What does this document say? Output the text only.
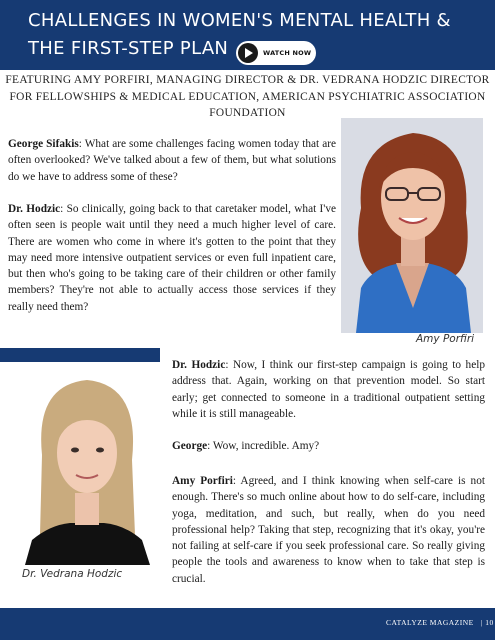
CHALLENGES IN WOMEN'S MENTAL HEALTH &
THE FIRST-STEP PLAN	WATCH NOW
FEATURING AMY PORFIRI, MANAGING DIRECTOR & DR. VEDRANA HODZIC DIRECTOR FOR FELLOWSHIPS & MEDICAL EDUCATION, AMERICAN PSYCHIATRIC ASSOCIATION FOUNDATION
Amy Porfiri
Dr. Vedrana Hodzic

George Sifakis: What are some challenges facing women today that are often overlooked? We've talked about a few of them, but what solutions do we have to address some of these?

Dr. Hodzic: So clinically, going back to that caretaker model, what I've often seen is people wait until they need a much higher level of care. There are women who come in where it's gotten to the point that they may need more intensive outpatient services or even full inpatient care, but then who's going to be taking care of their children or other family members? They're not able to actually access those services if they really need them?

Dr. Hodzic: Now, I think our first-step campaign is going to help address that. Again, working on that prevention model. So start early; get connected to someone in a traditional outpatient setting while it is still manageable.

George: Wow, incredible. Amy?

Amy Porfiri: Agreed, and I think knowing when self-care is not enough. There's so much online about how to do self-care, including yoga, meditation, and such, but really, when do you need professional help? Taking that step, recognizing that it's okay, you're not failing at self-care if you seek professional care. So really giving people the tools and awareness to know when to take that step is crucial.

CATALYZE MAGAZINE | 10
